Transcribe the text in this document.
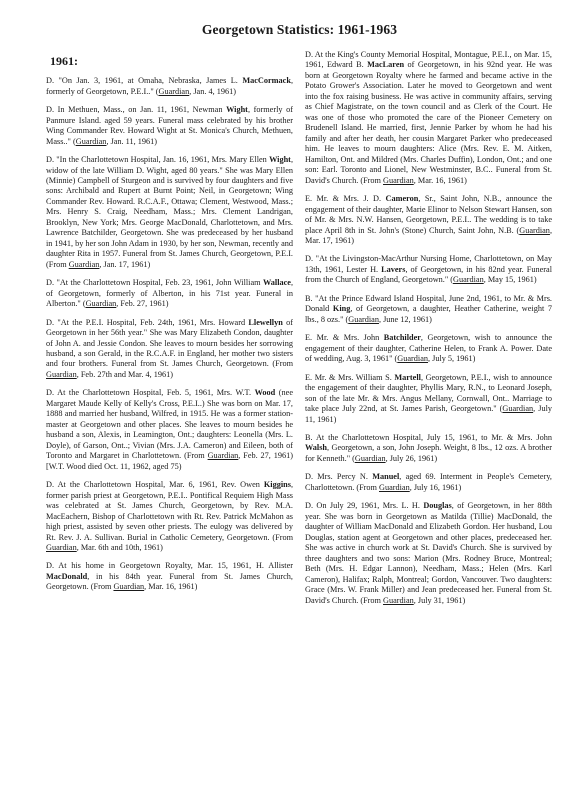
Georgetown Statistics: 1961-1963
1961:
D. "On Jan. 3, 1961, at Omaha, Nebraska, James L. MacCormack, formerly of Georgetown, P.E.I.." (Guardian, Jan. 4, 1961)
D. In Methuen, Mass., on Jan. 11, 1961, Newman Wight, formerly of Panmure Island. aged 59 years. Funeral mass celebrated by his brother Wing Commander Rev. Howard Wight at St. Monica's Church, Methuen, Mass.." (Guardian, Jan. 11, 1961)
D. "In the Charlottetown Hospital, Jan. 16, 1961, Mrs. Mary Ellen Wight, widow of the late William D. Wight, aged 80 years." She was Mary Ellen (Minnie) Campbell of Sturgeon and is survived by four daughters and five sons: Archibald and Rupert at Burnt Point; Neil, in Georgetown; Wing Commander Rev. Howard. R.C.A.F., Ottawa; Clement, Westwood, Mass.; Mrs. Henry S. Craig, Needham, Mass.; Mrs. Clement Landrigan, Brooklyn, New York; Mrs. George MacDonald, Charlottetown, and Mrs. Lawrence Batchilder, Georgetown. She was predeceased by her husband in 1941, by her son John Adam in 1930, by her son, Newman, recently and daughter Rita in 1957. Funeral from St. James Church, Georgetown, P.E.I. (From Guardian, Jan. 17, 1961)
D. "At the Charlottetown Hospital, Feb. 23, 1961, John William Wallace, of Georgetown, formerly of Alberton, in his 71st year. Funeral in Alberton." (Guardian, Feb. 27, 1961)
D. "At the P.E.I. Hospital, Feb. 24th, 1961, Mrs. Howard Llewellyn of Georgetown in her 56th year." She was Mary Elizabeth Condon, daughter of John A. and Jessie Condon. She leaves to mourn besides her sorrowing husband, a son Gerald, in the R.C.A.F. in England, her mother two sisters and four brothers. Funeral from St. James Church, Georgetown. (From Guardian, Feb. 27th and Mar. 4, 1961)
D. At the Charlottetown Hospital, Feb. 5, 1961, Mrs. W.T. Wood (nee Margaret Maude Kelly of Kelly's Cross, P.E.I..) She was born on Mar. 17, 1888 and married her husband, Wilfred, in 1915. He was a former station-master at Georgetown and other places. She leaves to mourn besides he husband a son, Alexis, in Leamington, Ont.; daughters: Leonella (Mrs. L. Doyle), of Garson, Ont..; Vivian (Mrs. J.A. Cameron) and Eileen, both of Toronto and Margaret in Charlottetown. (From Guardian, Feb. 27, 1961) [W.T. Wood died Oct. 11, 1962, aged 75)
D. At the Charlottetown Hospital, Mar. 6, 1961, Rev. Owen Kiggins, former parish priest at Georgetown, P.E.I.. Pontifical Requiem High Mass was celebrated at St. James Church, Georgetown, by Rev. M.A. MacEachern, Bishop of Charlottetown with Rt. Rev. Patrick McMahon as high priest, assisted by seven other priests. The eulogy was delivered by Rt. Rev. J. A. Sullivan. Burial in Catholic Cemetery, Georgetown. (From Guardian, Mar. 6th and 10th, 1961)
D. At his home in Georgetown Royalty, Mar. 15, 1961, H. Allister MacDonald, in his 84th year. Funeral from St. James Church, Georgetown. (From Guardian, Mar. 16, 1961)
D. At the King's County Memorial Hospital, Montague, P.E.I., on Mar. 15, 1961, Edward B. MacLaren of Georgetown, in his 92nd year. He was born at Georgetown Royalty where he farmed and became active in the Potato Grower's Association. Later he moved to Georgetown and went into the fox raising business. He was active in community affairs, serving as Chief Magistrate, on the town council and as Clerk of the Court. He was one of those who promoted the care of the Pioneer Cemetery on Brudenell Island. He married, first, Jennie Parker by whom he had his family and after her death, her cousin Margaret Parker who predeceased him. He leaves to mourn daughters: Alice (Mrs. Rev. E. M. Aitken, Hamilton, Ont. and Mildred (Mrs. Charles Duffin), London, Ont.; and one son: Earl. Toronto and Lionel, New Westminster, B.C.. Funeral from St. David's Church. (From Guardian, Mar. 16, 1961)
E. Mr. & Mrs. J. D. Cameron, Sr., Saint John, N.B., announce the engagement of their daughter, Marie Elinor to Nelson Stewart Hansen, son of Mr. & Mrs. N.W. Hansen, Georgetown, P.E.I.. The wedding is to take place April 8th in St. John's (Stone) Church, Saint John, N.B. (Guardian, Mar. 17, 1961)
D. "At the Livingston-MacArthur Nursing Home, Charlottetown, on May 13th, 1961, Lester H. Lavers, of Georgetown, in his 82nd year. Funeral from the Church of England, Georgetown." (Guardian, May 15, 1961)
B. "At the Prince Edward Island Hospital, June 2nd, 1961, to Mr. & Mrs. Donald King, of Georgetown, a daughter, Heather Catherine, weight 7 lbs., 8 ozs." (Guardian, June 12, 1961)
E. Mr. & Mrs. John Batchilder, Georgetown, wish to announce the engagement of their daughter, Catherine Helen, to Frank A. Power. Date of wedding, Aug. 3, 1961" (Guardian, July 5, 1961)
E. Mr. & Mrs. William S. Martell, Georgetown, P.E.I., wish to announce the engagement of their daughter, Phyllis Mary, R.N., to Leonard Joseph, son of the late Mr. & Mrs. Angus Mellany, Cornwall, Ont.. Marriage to take place July 22nd, at St. James Parish, Georgetown." (Guardian, July 11, 1961)
B. At the Charlottetown Hospital, July 15, 1961, to Mr. & Mrs. John Walsh, Georgetown, a son, John Joseph. Weight, 8 lbs., 12 ozs. A brother for Kenneth." (Guardian, July 26, 1961)
D. Mrs. Percy N. Manuel, aged 69. Interment in People's Cemetery, Charlottetown. (From Guardian, July 16, 1961)
D. On July 29, 1961, Mrs. L. H. Douglas, of Georgetown, in her 88th year. She was born in Georgetown as Matilda (Tillie) MacDonald, the daughter of William MacDonald and Elizabeth Gordon. Her husband, Lou Douglas, station agent at Georgetown and other places, predeceased her. She was active in church work at St. David's Church. She is survived by three daughters and two sons: Marion (Mrs. Rodney Bruce, Montreal; Beth (Mrs. H. Edgar Lannon), Needham, Mass.; Helen (Mrs. Karl Cameron), Halifax; Ralph, Montreal; Gordon, Vancouver. Two daughters: Grace (Mrs. W. Frank Miller) and Jean predeceased her. Funeral from St. David's Church. (From Guardian, July 31, 1961)
